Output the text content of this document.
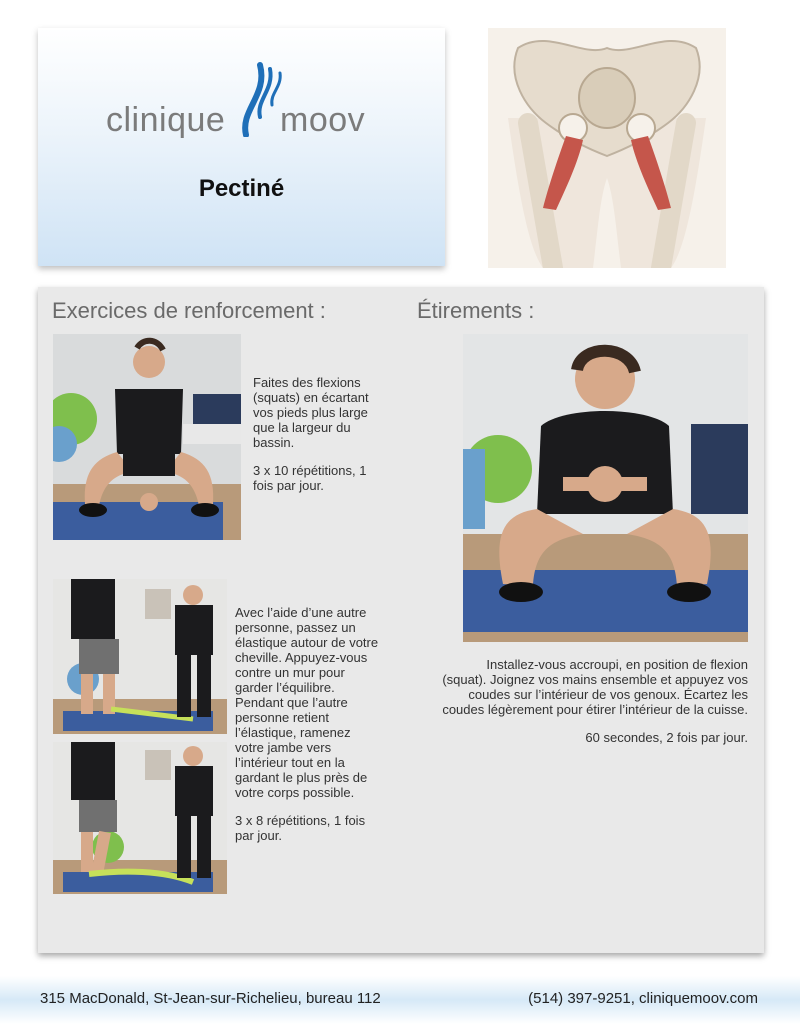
clinique moov
Pectiné
Exercices de renforcement :	Étirements :

Faites des flexions (squats) en écartant vos pieds plus large que la largeur du bassin.

3 x 10 répétitions, 1 fois par jour.

Avec l’aide d’une autre personne, passez un élastique autour de votre cheville. Appuyez-vous contre un mur pour garder l’équilibre. Pendant que l’autre personne retient l’élastique, ramenez votre jambe vers l’intérieur tout en la gardant le plus près de votre corps possible.

3 x 8 répétitions, 1 fois par jour.

Installez-vous accroupi, en position de flexion (squat). Joignez vos mains ensemble et appuyez vos coudes sur l’intérieur de vos genoux. Écartez les coudes légèrement pour étirer l’intérieur de la cuisse.

60 secondes, 2 fois par jour.

315 MacDonald, St-Jean-sur-Richelieu, bureau 112	(514) 397-9251, cliniquemoov.com
